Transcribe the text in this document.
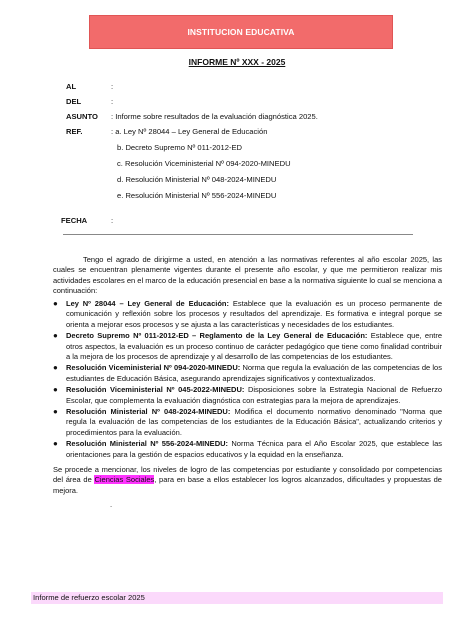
INSTITUCION EDUCATIVA
INFORME Nº XXX - 2025
AL	:
DEL	:
ASUNTO : Informe sobre resultados de la evaluación diagnóstica 2025.
REF.	: a. Ley Nº 28044 – Ley General de Educación
b. Decreto Supremo Nº 011-2012-ED
c. Resolución Viceministerial Nº 094-2020-MINEDU
d. Resolución Ministerial Nº 048-2024-MINEDU
e. Resolución Ministerial Nº 556-2024-MINEDU
FECHA	:
Tengo el agrado de dirigirme a usted, en atención a las normativas referentes al año escolar 2025, las cuales se encuentran plenamente vigentes durante el presente año escolar, y que me permitieron realizar mis actividades escolares en el marco de la educación presencial en base a la normativa siguiente lo cual se menciona a continuación:
● Ley Nº 28044 – Ley General de Educación: Establece que la evaluación es un proceso permanente de comunicación y reflexión sobre los procesos y resultados del aprendizaje. Es formativa e integral porque se orienta a mejorar esos procesos y se ajusta a las características y necesidades de los estudiantes.
● Decreto Supremo Nº 011-2012-ED – Reglamento de la Ley General de Educación: Establece que, entre otros aspectos, la evaluación es un proceso continuo de carácter pedagógico que tiene como finalidad contribuir a la mejora de los procesos de aprendizaje y al desarrollo de las competencias de los estudiantes.
● Resolución Viceministerial Nº 094-2020-MINEDU: Norma que regula la evaluación de las competencias de los estudiantes de Educación Básica, asegurando aprendizajes significativos y contextualizados.
● Resolución Viceministerial Nº 045-2022-MINEDU: Disposiciones sobre la Estrategia Nacional de Refuerzo Escolar, que complementa la evaluación diagnóstica con estrategias para la mejora de aprendizajes.
● Resolución Ministerial Nº 048-2024-MINEDU: Modifica el documento normativo denominado "Norma que regula la evaluación de las competencias de los estudiantes de la Educación Básica", actualizando criterios y procedimientos para la evaluación.
● Resolución Ministerial Nº 556-2024-MINEDU: Norma Técnica para el Año Escolar 2025, que establece las orientaciones para la gestión de espacios educativos y la equidad en la enseñanza.
Se procede a mencionar, los niveles de logro de las competencias por estudiante y consolidado por competencias del área de Ciencias Sociales, para en base a ellos establecer los logros alcanzados, dificultades y propuestas de mejora.
.
Informe de refuerzo escolar 2025
